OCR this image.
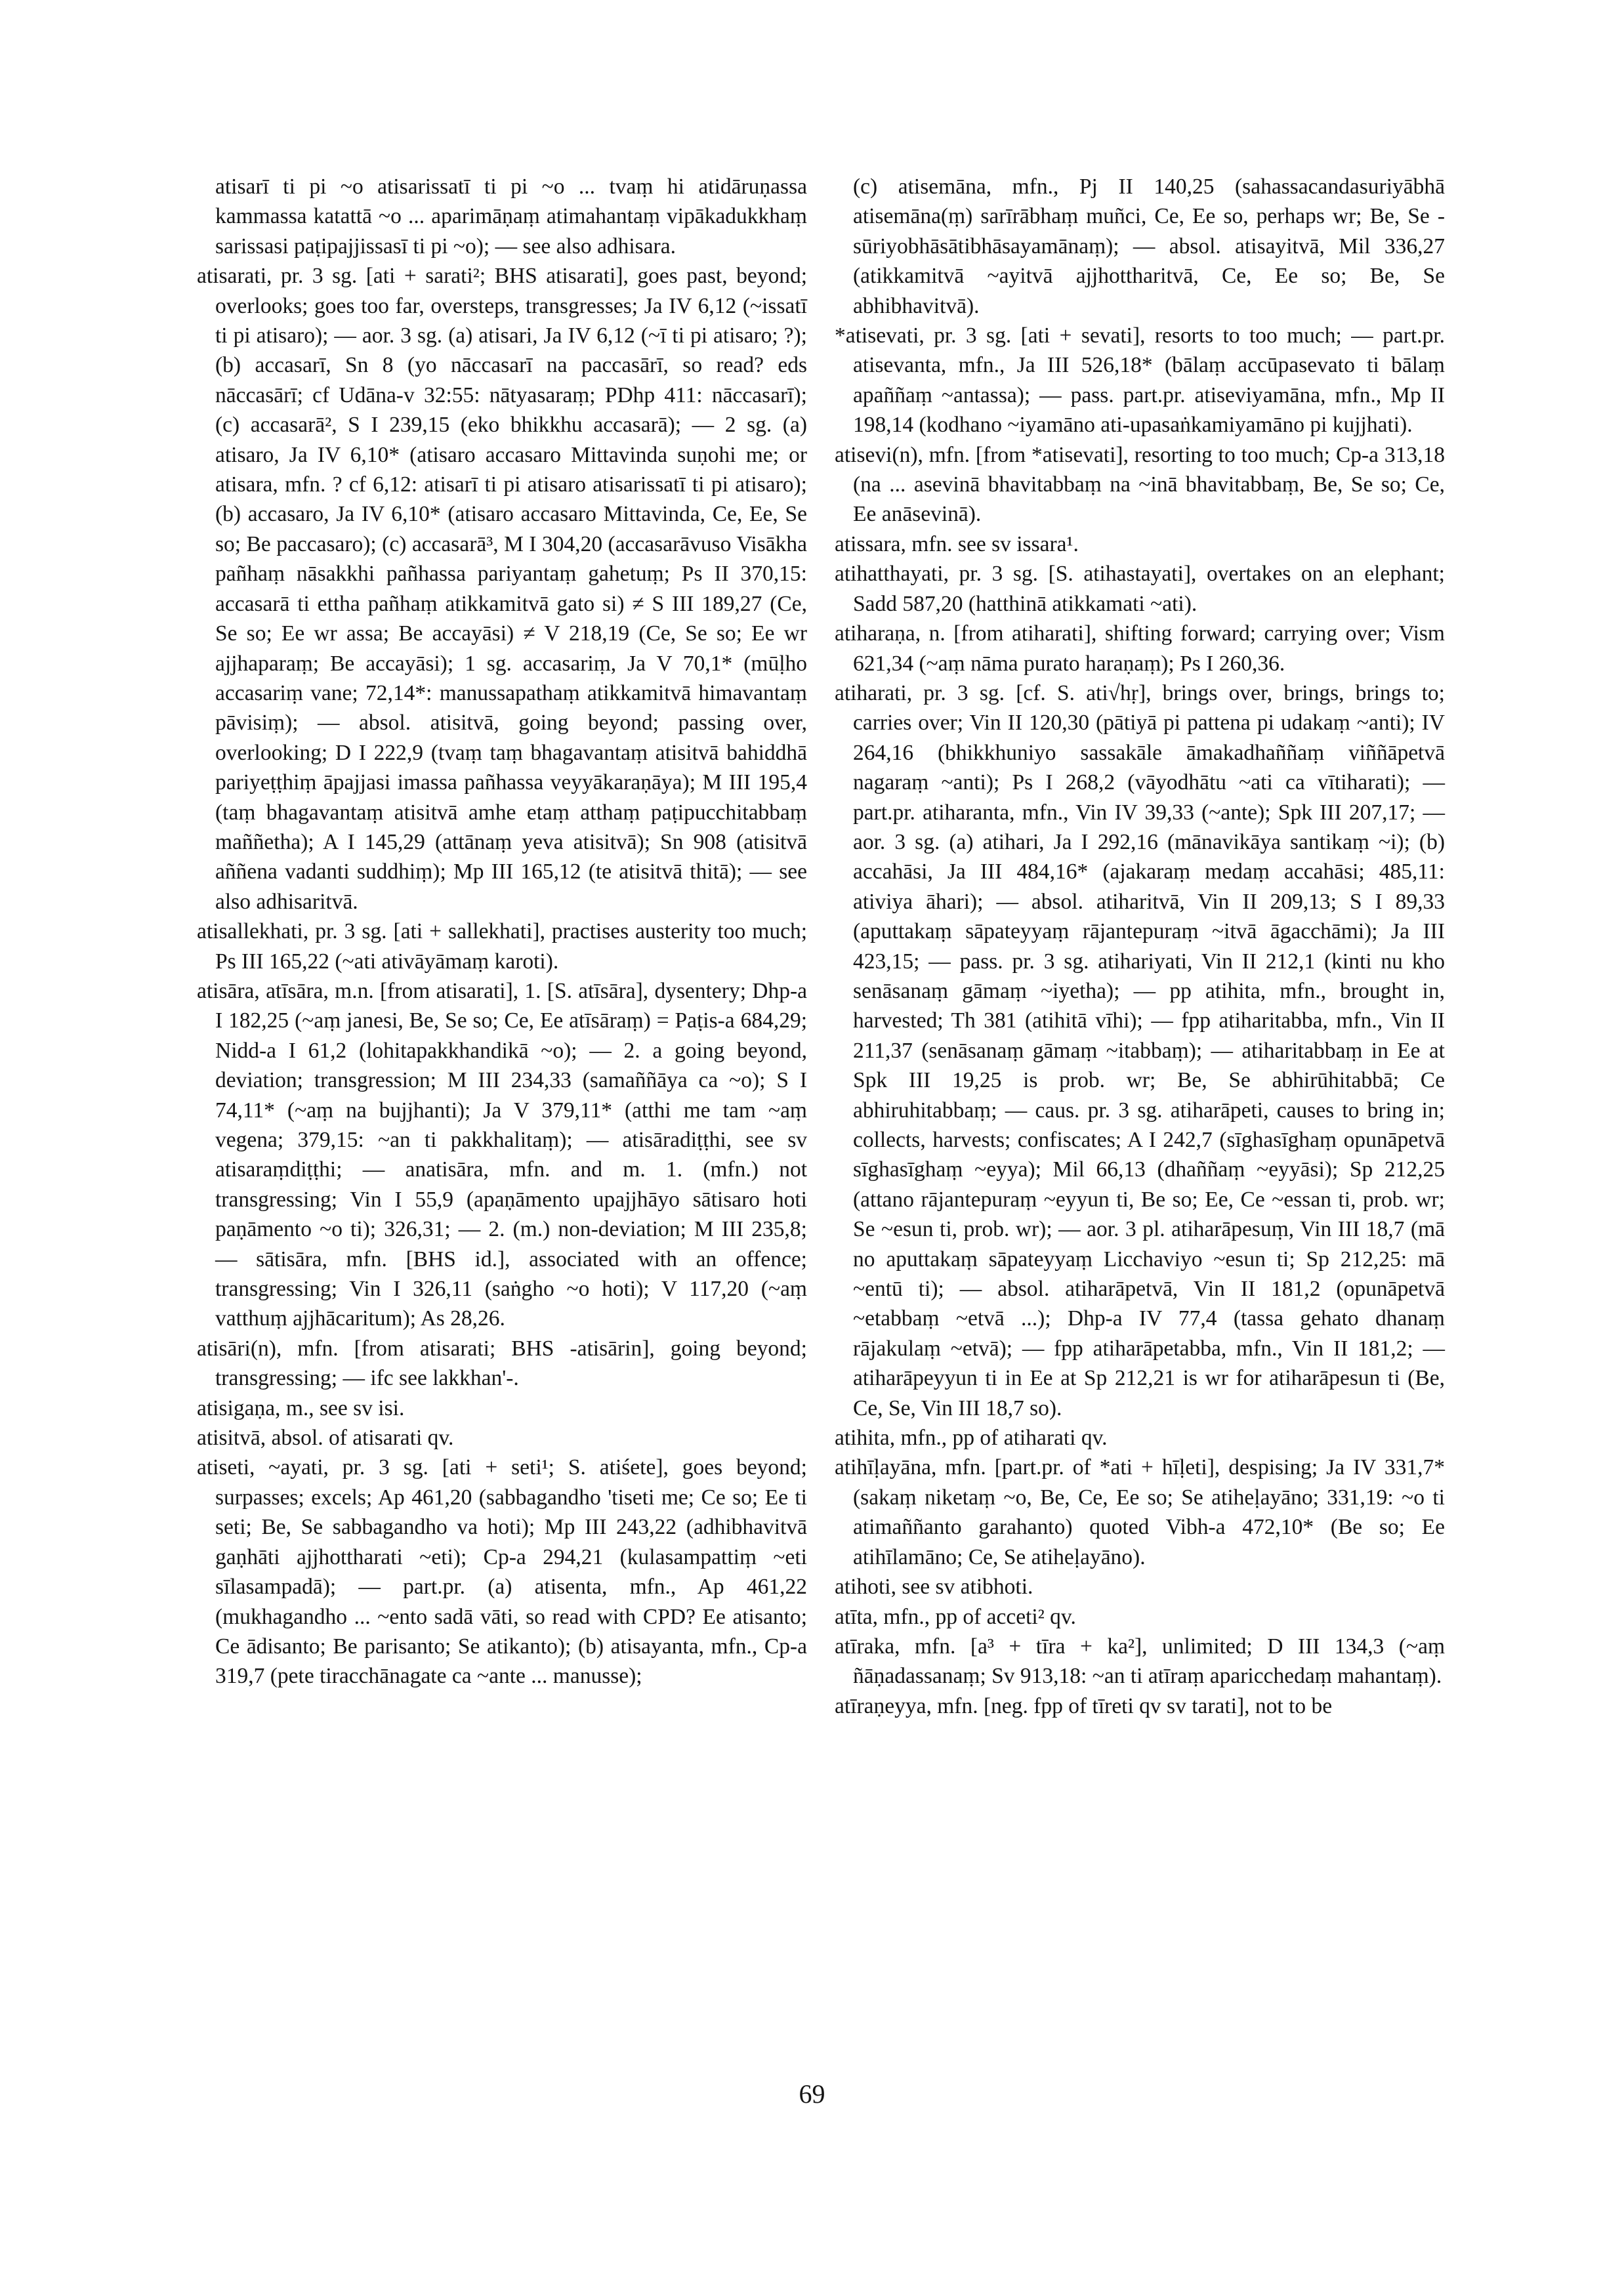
atisarī ti pi ~o atisarissatī ti pi ~o ... tvaṃ hi atidāruṇassa kammassa katattā ~o ... aparimāṇaṃ atimahantaṃ vipākadukkhaṃ sarissasi paṭipajjissasī ti pi ~o); — see also adhisara.

atisarati, pr. 3 sg. [ati + sarati²; BHS atisarati], goes past, beyond; overlooks; goes too far, oversteps, transgresses; Ja IV 6,12 (~issatī ti pi atisaro); — aor. 3 sg. (a) atisari, Ja IV 6,12 (~ī ti pi atisaro; ?); (b) accasarī, Sn 8 (yo nāccasarī na paccasārī, so read? eds nāccasārī; cf Udāna-v 32:55: nātyasaraṃ; PDhp 411: nāccasarī); (c) accasarā², S I 239,15 (eko bhikkhu accasarā); — 2 sg. (a) atisaro, Ja IV 6,10* (atisaro accasaro Mittavinda suṇohi me; or atisara, mfn. ? cf 6,12: atisarī ti pi atisaro atisarissatī ti pi atisaro); (b) accasaro, Ja IV 6,10* (atisaro accasaro Mittavinda, Ce, Ee, Se so; Be paccasaro); (c) accasarā³, M I 304,20 (accasarāvuso Visākha pañhaṃ nāsakkhi pañhassa pariyantaṃ gahetuṃ; Ps II 370,15: accasarā ti ettha pañhaṃ atikkamitvā gato si) ≠ S III 189,27 (Ce, Se so; Ee wr assa; Be accayāsi) ≠ V 218,19 (Ce, Se so; Ee wr ajjhaparaṃ; Be accayāsi); 1 sg. accasariṃ, Ja V 70,1* (mūḷho accasariṃ vane; 72,14*: manussapathaṃ atikkamitvā himavantaṃ pāvisiṃ); — absol. atisitvā, going beyond; passing over, overlooking; D I 222,9 (tvaṃ taṃ bhagavantaṃ atisitvā bahiddhā pariyeṭṭhiṃ āpajjasi imassa pañhassa veyyākaraṇāya); M III 195,4 (taṃ bhagavantaṃ atisitvā amhe etaṃ atthaṃ paṭipucchitabbaṃ maññetha); A I 145,29 (attānaṃ yeva atisitvā); Sn 908 (atisitvā aññena vadanti suddhiṃ); Mp III 165,12 (te atisitvā thitā); — see also adhisaritvā.

atisallekhati, pr. 3 sg. [ati + sallekhati], practises austerity too much; Ps III 165,22 (~ati ativāyāmaṃ karoti).

atisāra, atīsāra, m.n. [from atisarati], 1. [S. atīsāra], dysentery; Dhp-a I 182,25 (~aṃ janesi, Be, Se so; Ce, Ee atīsāraṃ) = Paṭis-a 684,29; Nidd-a I 61,2 (lohitapakkhandikā ~o); — 2. a going beyond, deviation; transgression; M III 234,33 (samaññāya ca ~o); S I 74,11* (~aṃ na bujjhanti); Ja V 379,11* (atthi me tam ~aṃ vegena; 379,15: ~an ti pakkhalitaṃ); — atisāradiṭṭhi, see sv atisaraṃdiṭṭhi; — anatisāra, mfn. and m. 1. (mfn.) not transgressing; Vin I 55,9 (apaṇāmento upajjhāyo sātisaro hoti paṇāmento ~o ti); 326,31; — 2. (m.) non-deviation; M III 235,8; — sātisāra, mfn. [BHS id.], associated with an offence; transgressing; Vin I 326,11 (saṅgho ~o hoti); V 117,20 (~aṃ vatthuṃ ajjhācaritum); As 28,26.

atisāri(n), mfn. [from atisarati; BHS -atisārin], going beyond; transgressing; — ifc see lakkhan'-.

atisigaṇa, m., see sv isi.

atisitvā, absol. of atisarati qv.

atiseti, ~ayati, pr. 3 sg. [ati + seti¹; S. atiśete], goes beyond; surpasses; excels; Ap 461,20 (sabbagandho 'tiseti me; Ce so; Ee ti seti; Be, Se sabbagandho va hoti); Mp III 243,22 (adhibhavitvā gaṇhāti ajjhottharati ~eti); Cp-a 294,21 (kulasampattiṃ ~eti sīlasampadā); — part.pr. (a) atisenta, mfn., Ap 461,22 (mukhagandho ... ~ento sadā vāti, so read with CPD? Ee atisanto; Ce ādisanto; Be parisanto; Se atikanto); (b) atisayanta, mfn., Cp-a 319,7 (pete tiracchānagate ca ~ante ... manusse);

(c) atisemāna, mfn., Pj II 140,25 (sahassacandasuriyābhā atisemāna(ṃ) sarīrābhaṃ muñci, Ce, Ee so, perhaps wr; Be, Se -sūriyobhāsātibhāsayamānaṃ); — absol. atisayitvā, Mil 336,27 (atikkamitvā ~ayitvā ajjhottharitvā, Ce, Ee so; Be, Se abhibhavitvā).

*atisevati, pr. 3 sg. [ati + sevati], resorts to too much; — part.pr. atisevanta, mfn., Ja III 526,18* (bālaṃ accūpasevato ti bālaṃ apaññaṃ ~antassa); — pass. part.pr. atiseviyamāna, mfn., Mp II 198,14 (kodhano ~iyamāno ati-upasaṅkamiyamāno pi kujjhati).

atisevi(n), mfn. [from *atisevati], resorting to too much; Cp-a 313,18 (na ... asevinā bhavitabbaṃ na ~inā bhavitabbaṃ, Be, Se so; Ce, Ee anāsevinā).

atissara, mfn. see sv issara¹.

atihatthayati, pr. 3 sg. [S. atihastayati], overtakes on an elephant; Sadd 587,20 (hatthinā atikkamati ~ati).

atiharaṇa, n. [from atiharati], shifting forward; carrying over; Vism 621,34 (~aṃ nāma purato haraṇaṃ); Ps I 260,36.

atiharati, pr. 3 sg. [cf. S. ati√hṛ], brings over, brings, brings to; carries over; Vin II 120,30 (pātiyā pi pattena pi udakaṃ ~anti); IV 264,16 (bhikkhuniyo sassakāle āmakadhaññaṃ viññāpetvā nagaraṃ ~anti); Ps I 268,2 (vāyodhātu ~ati ca vītiharati); — part.pr. atiharanta, mfn., Vin IV 39,33 (~ante); Spk III 207,17; — aor. 3 sg. (a) atihari, Ja I 292,16 (mānavikāya santikaṃ ~i); (b) accahāsi, Ja III 484,16* (ajakaraṃ medaṃ accahāsi; 485,11: ativiya āhari); — absol. atiharitvā, Vin II 209,13; S I 89,33 (aputtakaṃ sāpateyyaṃ rājantepuraṃ ~itvā āgacchāmi); Ja III 423,15; — pass. pr. 3 sg. atihariyati, Vin II 212,1 (kinti nu kho senāsanaṃ gāmaṃ ~iyetha); — pp atihita, mfn., brought in, harvested; Th 381 (atihitā vīhi); — fpp atiharitabba, mfn., Vin II 211,37 (senāsanaṃ gāmaṃ ~itabbaṃ); — atiharitabbaṃ in Ee at Spk III 19,25 is prob. wr; Be, Se abhirūhitabbā; Ce abhiruhitabbaṃ; — caus. pr. 3 sg. atiharāpeti, causes to bring in; collects, harvests; confiscates; A I 242,7 (sīghasīghaṃ opunāpetvā sīghasīghaṃ ~eyya); Mil 66,13 (dhaññaṃ ~eyyāsi); Sp 212,25 (attano rājantepuraṃ ~eyyun ti, Be so; Ee, Ce ~essan ti, prob. wr; Se ~esun ti, prob. wr); — aor. 3 pl. atiharāpesuṃ, Vin III 18,7 (mā no aputtakaṃ sāpateyyaṃ Licchaviyo ~esun ti; Sp 212,25: mā ~entū ti); — absol. atiharāpetvā, Vin II 181,2 (opunāpetvā ~etabbaṃ ~etvā ...); Dhp-a IV 77,4 (tassa gehato dhanaṃ rājakulaṃ ~etvā); — fpp atiharāpetabba, mfn., Vin II 181,2; — atiharāpeyyun ti in Ee at Sp 212,21 is wr for atiharāpesun ti (Be, Ce, Se, Vin III 18,7 so).

atihita, mfn., pp of atiharati qv.

atihīḷayāna, mfn. [part.pr. of *ati + hīḷeti], despising; Ja IV 331,7* (sakaṃ niketaṃ ~o, Be, Ce, Ee so; Se atiheḷayāno; 331,19: ~o ti atimaññanto garahanto) quoted Vibh-a 472,10* (Be so; Ee atihīlamāno; Ce, Se atiheḷayāno).

atihoti, see sv atibhoti.

atīta, mfn., pp of acceti² qv.

atīraka, mfn. [a³ + tīra + ka²], unlimited; D III 134,3 (~aṃ ñāṇadassanaṃ; Sv 913,18: ~an ti atīraṃ aparicchedaṃ mahantaṃ).

atīraṇeyya, mfn. [neg. fpp of tīreti qv sv tarati], not to be

69
